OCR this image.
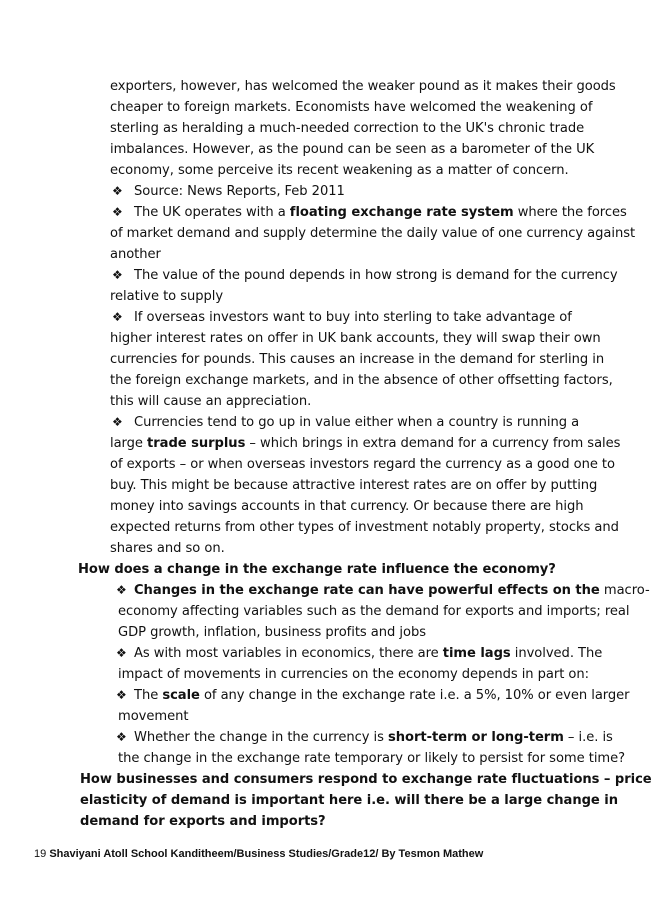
exporters, however, has welcomed the weaker pound as it makes their goods
cheaper to foreign markets. Economists have welcomed the weakening of
sterling as heralding a much-needed correction to the UK's chronic trade
imbalances. However, as the pound can be seen as a barometer of the UK
economy, some perceive its recent weakening as a matter of concern.
❖ Source: News Reports, Feb 2011
❖ The UK operates with a floating exchange rate system where the forces
of market demand and supply determine the daily value of one currency against
another
❖ The value of the pound depends in how strong is demand for the currency
relative to supply
❖ If overseas investors want to buy into sterling to take advantage of
higher interest rates on offer in UK bank accounts, they will swap their own
currencies for pounds. This causes an increase in the demand for sterling in
the foreign exchange markets, and in the absence of other offsetting factors,
this will cause an appreciation.
❖ Currencies tend to go up in value either when a country is running a
large trade surplus – which brings in extra demand for a currency from sales
of exports – or when overseas investors regard the currency as a good one to
buy. This might be because attractive interest rates are on offer by putting
money into savings accounts in that currency. Or because there are high
expected returns from other types of investment notably property, stocks and
shares and so on.
How does a change in the exchange rate influence the economy?
❖ Changes in the exchange rate can have powerful effects on the macro-
economy affecting variables such as the demand for exports and imports; real
GDP growth, inflation, business profits and jobs
❖ As with most variables in economics, there are time lags involved. The
impact of movements in currencies on the economy depends in part on:
❖ The scale of any change in the exchange rate i.e. a 5%, 10% or even larger
movement
❖ Whether the change in the currency is short-term or long-term – i.e. is
the change in the exchange rate temporary or likely to persist for some time?
How businesses and consumers respond to exchange rate fluctuations – price
elasticity of demand is important here i.e. will there be a large change in
demand for exports and imports?
19 Shaviyani Atoll School Kanditheem/Business Studies/Grade12/ By Tesmon Mathew
